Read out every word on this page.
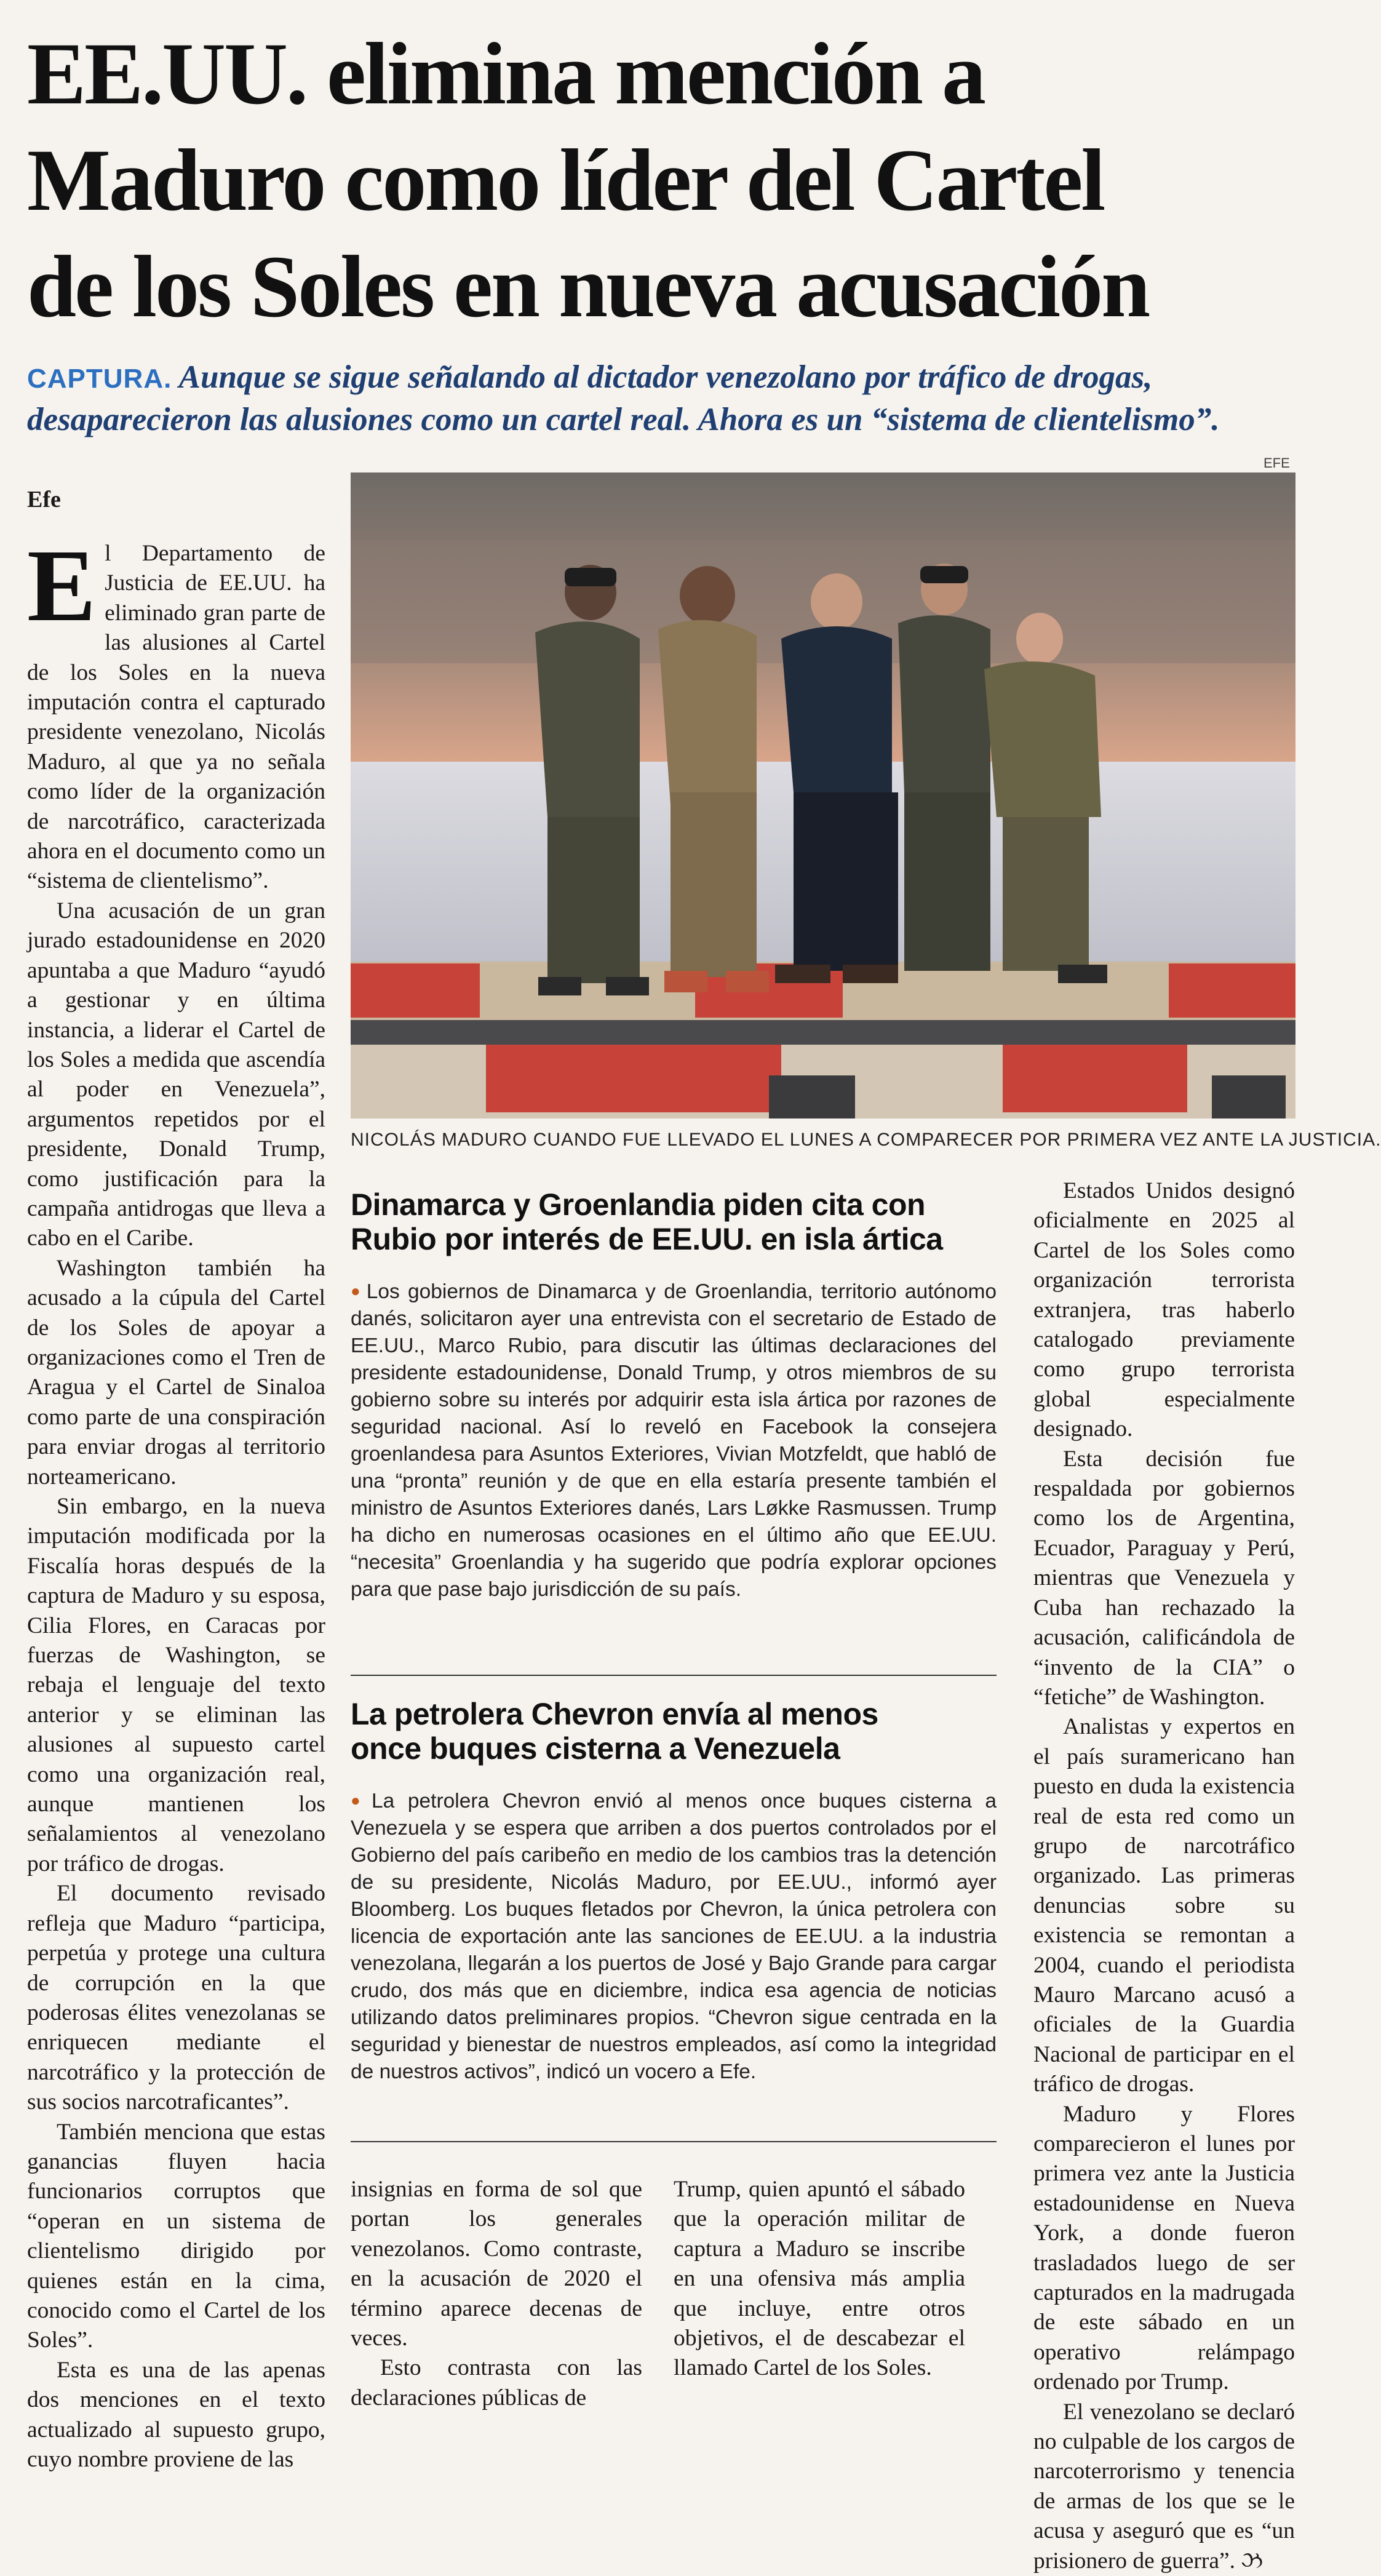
EE.UU. elimina mención a
Maduro como líder del Cartel
de los Soles en nueva acusación
CAPTURA. Aunque se sigue señalando al dictador venezolano por tráfico de drogas,
desaparecieron las alusiones como un cartel real. Ahora es un “sistema de clientelismo”.
Efe
EFE
NICOLÁS MADURO CUANDO FUE LLEVADO EL LUNES A COMPARECER POR PRIMERA VEZ ANTE LA JUSTICIA.

El Departamento de Justicia de EE.UU. ha eliminado gran parte de las alusiones al Cartel de los Soles en la nueva imputación contra el capturado presidente venezolano, Nicolás Maduro, al que ya no señala como líder de la organización de narcotráfico, caracterizada ahora en el documento como un “sistema de clientelismo”.

Una acusación de un gran jurado estadounidense en 2020 apuntaba a que Maduro “ayudó a gestionar y en última instancia, a liderar el Cartel de los Soles a medida que ascendía al poder en Venezuela”, argumentos repetidos por el presidente, Donald Trump, como justificación para la campaña antidrogas que lleva a cabo en el Caribe.

Washington también ha acusado a la cúpula del Cartel de los Soles de apoyar a organizaciones como el Tren de Aragua y el Cartel de Sinaloa como parte de una conspiración para enviar drogas al territorio norteamericano.

Sin embargo, en la nueva imputación modificada por la Fiscalía horas después de la captura de Maduro y su esposa, Cilia Flores, en Caracas por fuerzas de Washington, se rebaja el lenguaje del texto anterior y se eliminan las alusiones al supuesto cartel como una organización real, aunque mantienen los señalamientos al venezolano por tráfico de drogas.

El documento revisado refleja que Maduro “participa, perpetúa y protege una cultura de corrupción en la que poderosas élites venezolanas se enriquecen mediante el narcotráfico y la protección de sus socios narcotraficantes”.

También menciona que estas ganancias fluyen hacia funcionarios corruptos que “operan en un sistema de clientelismo dirigido por quienes están en la cima, conocido como el Cartel de los Soles”.

Esta es una de las apenas dos menciones en el texto actualizado al supuesto grupo, cuyo nombre proviene de las

Dinamarca y Groenlandia piden cita con
Rubio por interés de EE.UU. en isla ártica
● Los gobiernos de Dinamarca y de Groenlandia, territorio autónomo danés, solicitaron ayer una entrevista con el secretario de Estado de EE.UU., Marco Rubio, para discutir las últimas declaraciones del presidente estadounidense, Donald Trump, y otros miembros de su gobierno sobre su interés por adquirir esta isla ártica por razones de seguridad nacional. Así lo reveló en Facebook la consejera groenlandesa para Asuntos Exteriores, Vivian Motzfeldt, que habló de una “pronta” reunión y de que en ella estaría presente también el ministro de Asuntos Exteriores danés, Lars Løkke Rasmussen. Trump ha dicho en numerosas ocasiones en el último año que EE.UU. “necesita” Groenlandia y ha sugerido que podría explorar opciones para que pase bajo jurisdicción de su país.
La petrolera Chevron envía al menos
once buques cisterna a Venezuela
● La petrolera Chevron envió al menos once buques cisterna a Venezuela y se espera que arriben a dos puertos controlados por el Gobierno del país caribeño en medio de los cambios tras la detención de su presidente, Nicolás Maduro, por EE.UU., informó ayer Bloomberg. Los buques fletados por Chevron, la única petrolera con licencia de exportación ante las sanciones de EE.UU. a la industria venezolana, llegarán a los puertos de José y Bajo Grande para cargar crudo, dos más que en diciembre, indica esa agencia de noticias utilizando datos preliminares propios. “Chevron sigue centrada en la seguridad y bienestar de nuestros empleados, así como la integridad de nuestros activos”, indicó un vocero a Efe.

insignias en forma de sol que portan los generales venezolanos. Como contraste, en la acusación de 2020 el término aparece decenas de veces.

Esto contrasta con las declaraciones públicas de

Trump, quien apuntó el sábado que la operación militar de captura a Maduro se inscribe en una ofensiva más amplia que incluye, entre otros objetivos, el de descabezar el llamado Cartel de los Soles.

Estados Unidos designó oficialmente en 2025 al Cartel de los Soles como organización terrorista extranjera, tras haberlo catalogado previamente como grupo terrorista global especialmente designado.

Esta decisión fue respaldada por gobiernos como los de Argentina, Ecuador, Paraguay y Perú, mientras que Venezuela y Cuba han rechazado la acusación, calificándola de “invento de la CIA” o “fetiche” de Washington.

Analistas y expertos en el país suramericano han puesto en duda la existencia real de esta red como un grupo de narcotráfico organizado. Las primeras denuncias sobre su existencia se remontan a 2004, cuando el periodista Mauro Marcano acusó a oficiales de la Guardia Nacional de participar en el tráfico de drogas.

Maduro y Flores comparecieron el lunes por primera vez ante la Justicia estadounidense en Nueva York, a donde fueron trasladados luego de ser capturados en la madrugada de este sábado en un operativo relámpago ordenado por Trump.

El venezolano se declaró no culpable de los cargos de narcoterrorismo y tenencia de armas de los que se le acusa y aseguró que es “un prisionero de guerra”. ઝ
